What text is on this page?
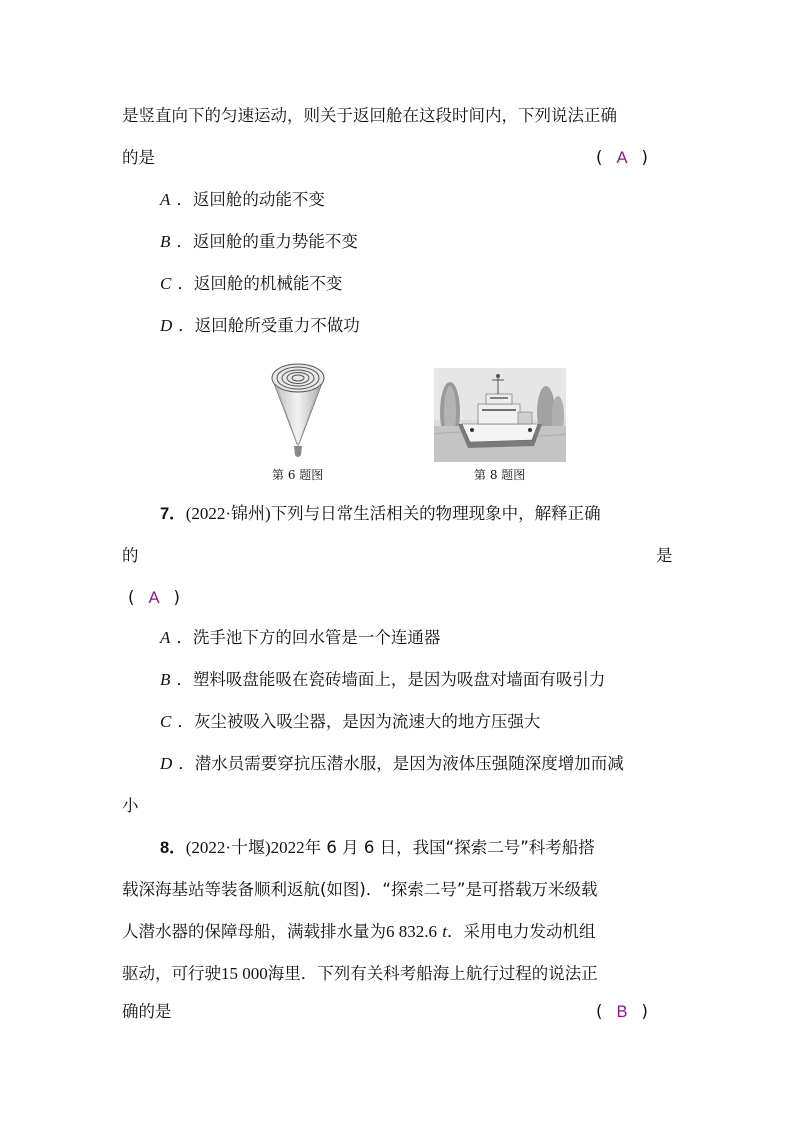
是竖直向下的匀速运动，则关于返回舱在这段时间内，下列说法正确
的是	( A )
A ．返回舱的动能不变
B ．返回舱的重力势能不变
C ．返回舱的机械能不变
D ．返回舱所受重力不做功
第 6 题图	第 8 题图
7．(2022·锦州)下列与日常生活相关的物理现象中，解释正确
的	是
( A )
A ．洗手池下方的回水管是一个连通器
B ．塑料吸盘能吸在瓷砖墙面上，是因为吸盘对墙面有吸引力
C ．灰尘被吸入吸尘器，是因为流速大的地方压强大
D ．潜水员需要穿抗压潜水服，是因为液体压强随深度增加而减
小
8．(2022·十堰)2022年 6 月 6 日，我国“探索二号”科考船搭
载深海基站等装备顺利返航(如图)．“探索二号”是可搭载万米级载
人潜水器的保障母船，满载排水量为6 832.6 t．采用电力发动机组
驱动，可行驶15 000海里．下列有关科考船海上航行过程的说法正
确的是	( B )
